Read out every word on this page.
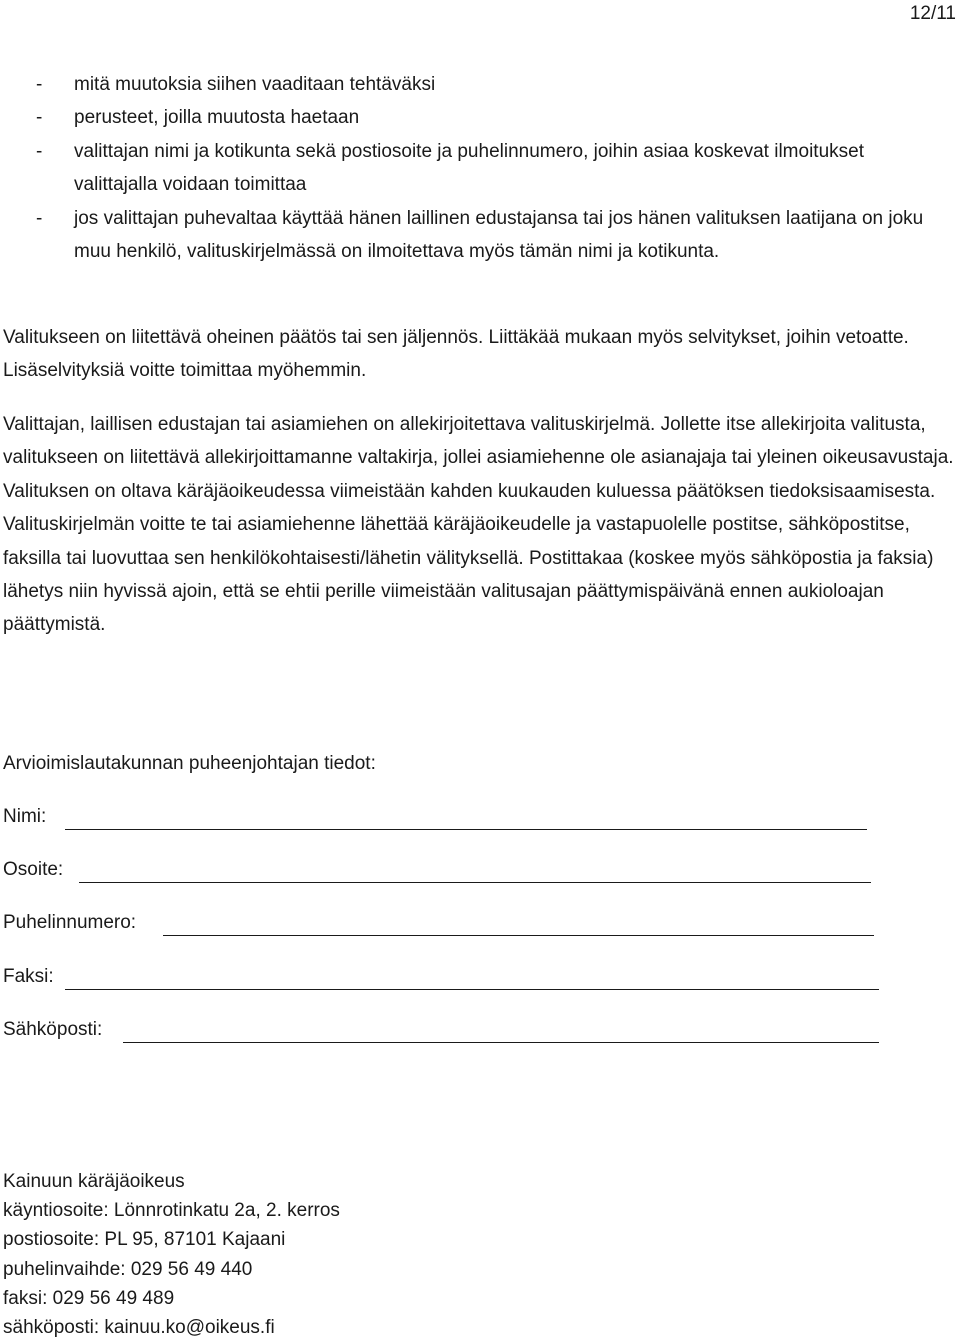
12/11
-	mitä muutoksia siihen vaaditaan tehtäväksi
-	perusteet, joilla muutosta haetaan
-	valittajan nimi ja kotikunta sekä postiosoite ja puhelinnumero, joihin asiaa koskevat ilmoitukset valittajalla voidaan toimittaa
-	jos valittajan puhevaltaa käyttää hänen laillinen edustajansa tai jos hänen valituksen laatijana on joku muu henkilö, valituskirjelmässä on ilmoitettava myös tämän nimi ja kotikunta.
Valitukseen on liitettävä oheinen päätös tai sen jäljennös. Liittäkää mukaan myös selvitykset, joihin vetoatte. Lisäselvityksiä voitte toimittaa myöhemmin.
Valittajan, laillisen edustajan tai asiamiehen on allekirjoitettava valituskirjelmä. Jollette itse allekirjoita valitusta, valitukseen on liitettävä allekirjoittamanne valtakirja, jollei asiamiehenne ole asianajaja tai yleinen oikeusavustaja. Valituksen on oltava käräjäoikeudessa viimeistään kahden kuukauden kuluessa päätöksen tiedoksisaamisesta. Valituskirjelmän voitte te tai asiamiehenne lähettää käräjäoikeudelle ja vastapuolelle postitse, sähköpostitse, faksilla tai luovuttaa sen henkilökohtaisesti/lähetin välityksellä. Postittakaa (koskee myös sähköpostia ja faksia) lähetys niin hyvissä ajoin, että se ehtii perille viimeistään valitusajan päättymispäivänä ennen aukioloajan päättymistä.
Arvioimislautakunnan puheenjohtajan tiedot:
Nimi:
Osoite:
Puhelinnumero:
Faksi:
Sähköposti:
Kainuun käräjäoikeus
käyntiosoite: Lönnrotinkatu 2a, 2. kerros
postiosoite: PL 95, 87101 Kajaani
puhelinvaihde: 029 56 49 440
faksi: 029 56 49 489
sähköposti: kainuu.ko@oikeus.fi
